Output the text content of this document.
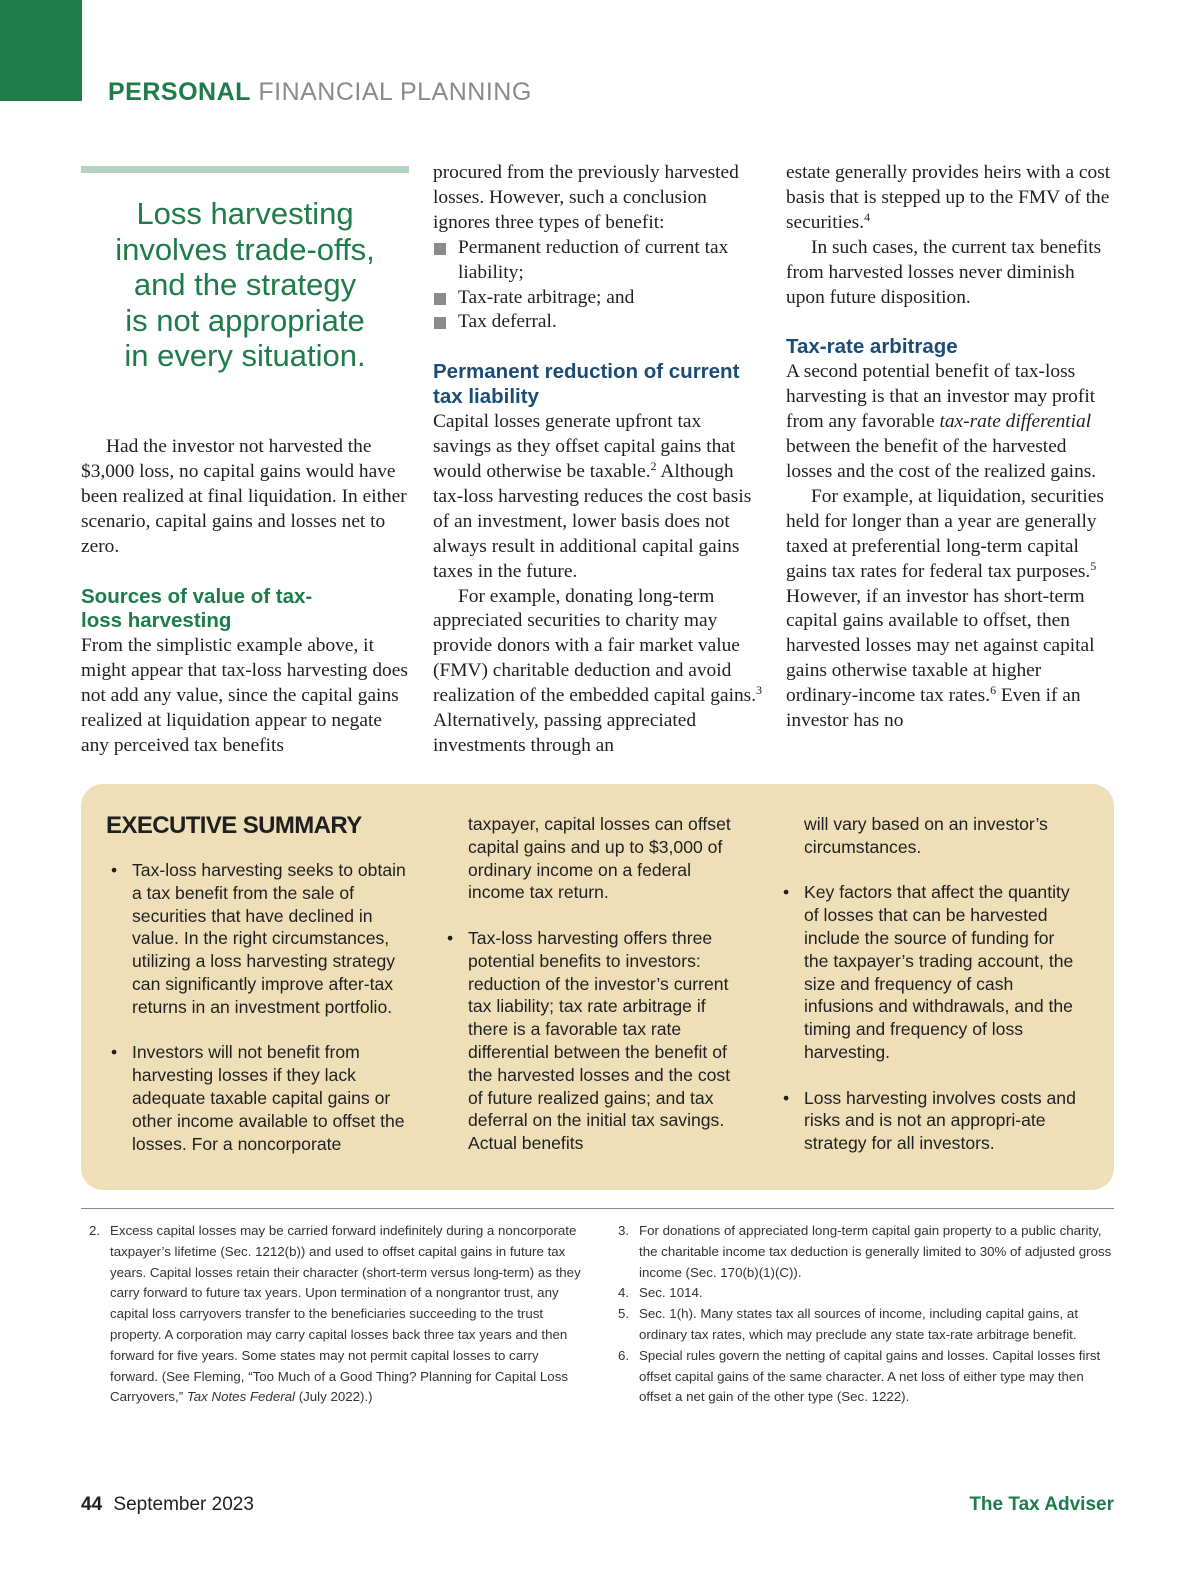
PERSONAL FINANCIAL PLANNING
Loss harvesting
involves trade-offs,
and the strategy
is not appropriate
in every situation.

Had the investor not harvested the $3,000 loss, no capital gains would have been realized at final liquidation. In either scenario, capital gains and losses net to zero.

Sources of value of tax-
loss harvesting

From the simplistic example above, it might appear that tax-loss harvesting does not add any value, since the capital gains realized at liquidation appear to negate any perceived tax benefits

procured from the previously harvested losses. However, such a conclusion ignores three types of benefit:

Permanent reduction of current tax liability;
Tax-rate arbitrage; and
Tax deferral.
Permanent reduction of current
tax liability

Capital losses generate upfront tax savings as they offset capital gains that would otherwise be taxable.$^2$ Although tax-loss harvesting reduces the cost basis of an investment, lower basis does not always result in additional capital gains taxes in the future.

For example, donating long-term appreciated securities to charity may provide donors with a fair market value (FMV) charitable deduction and avoid realization of the embedded capital gains.$^3$ Alternatively, passing appreciated investments through an

estate generally provides heirs with a cost basis that is stepped up to the FMV of the securities.$^4$

In such cases, the current tax benefits from harvested losses never diminish upon future disposition.

Tax-rate arbitrage

A second potential benefit of tax-loss harvesting is that an investor may profit from any favorable tax-rate differential between the benefit of the harvested losses and the cost of the realized gains.

For example, at liquidation, securities held for longer than a year are generally taxed at preferential long-term capital gains tax rates for federal tax purposes.$^5$ However, if an investor has short-term capital gains available to offset, then harvested losses may net against capital gains otherwise taxable at higher ordinary-income tax rates.$^6$ Even if an investor has no

EXECUTIVE SUMMARY
• Tax-loss harvesting seeks to obtain a tax benefit from the sale of securities that have declined in value. In the right circumstances, utilizing a loss harvesting strategy can significantly improve after-tax returns in an investment portfolio.
• Investors will not benefit from harvesting losses if they lack adequate taxable capital gains or other income available to offset the losses. For a noncorporate

taxpayer, capital losses can offset capital gains and up to $3,000 of ordinary income on a federal income tax return.

• Tax-loss harvesting offers three potential benefits to investors: reduction of the investor’s current tax liability; tax rate arbitrage if there is a favorable tax rate differential between the benefit of the harvested losses and the cost of future realized gains; and tax deferral on the initial tax savings. Actual benefits

will vary based on an investor’s circumstances.

• Key factors that affect the quantity of losses that can be harvested include the source of funding for the taxpayer’s trading account, the size and frequency of cash infusions and withdrawals, and the timing and frequency of loss harvesting.
• Loss harvesting involves costs and risks and is not an appropri-ate strategy for all investors.
2. Excess capital losses may be carried forward indefinitely during a noncorporate taxpayer’s lifetime (Sec. 1212(b)) and used to offset capital gains in future tax years. Capital losses retain their character (short-term versus long-term) as they carry forward to future tax years. Upon termination of a nongrantor trust, any capital loss carryovers transfer to the beneficiaries succeeding to the trust property. A corporation may carry capital losses back three tax years and then forward for five years. Some states may not permit capital losses to carry forward. (See Fleming, “Too Much of a Good Thing? Planning for Capital Loss Carryovers,” Tax Notes Federal (July 2022).)
3. For donations of appreciated long-term capital gain property to a public charity, the charitable income tax deduction is generally limited to 30% of adjusted gross income (Sec. 170(b)(1)(C)).
4. Sec. 1014.
5. Sec. 1(h). Many states tax all sources of income, including capital gains, at ordinary tax rates, which may preclude any state tax-rate arbitrage benefit.
6. Special rules govern the netting of capital gains and losses. Capital losses first offset capital gains of the same character. A net loss of either type may then offset a net gain of the other type (Sec. 1222).
44 September 2023	The Tax Adviser
